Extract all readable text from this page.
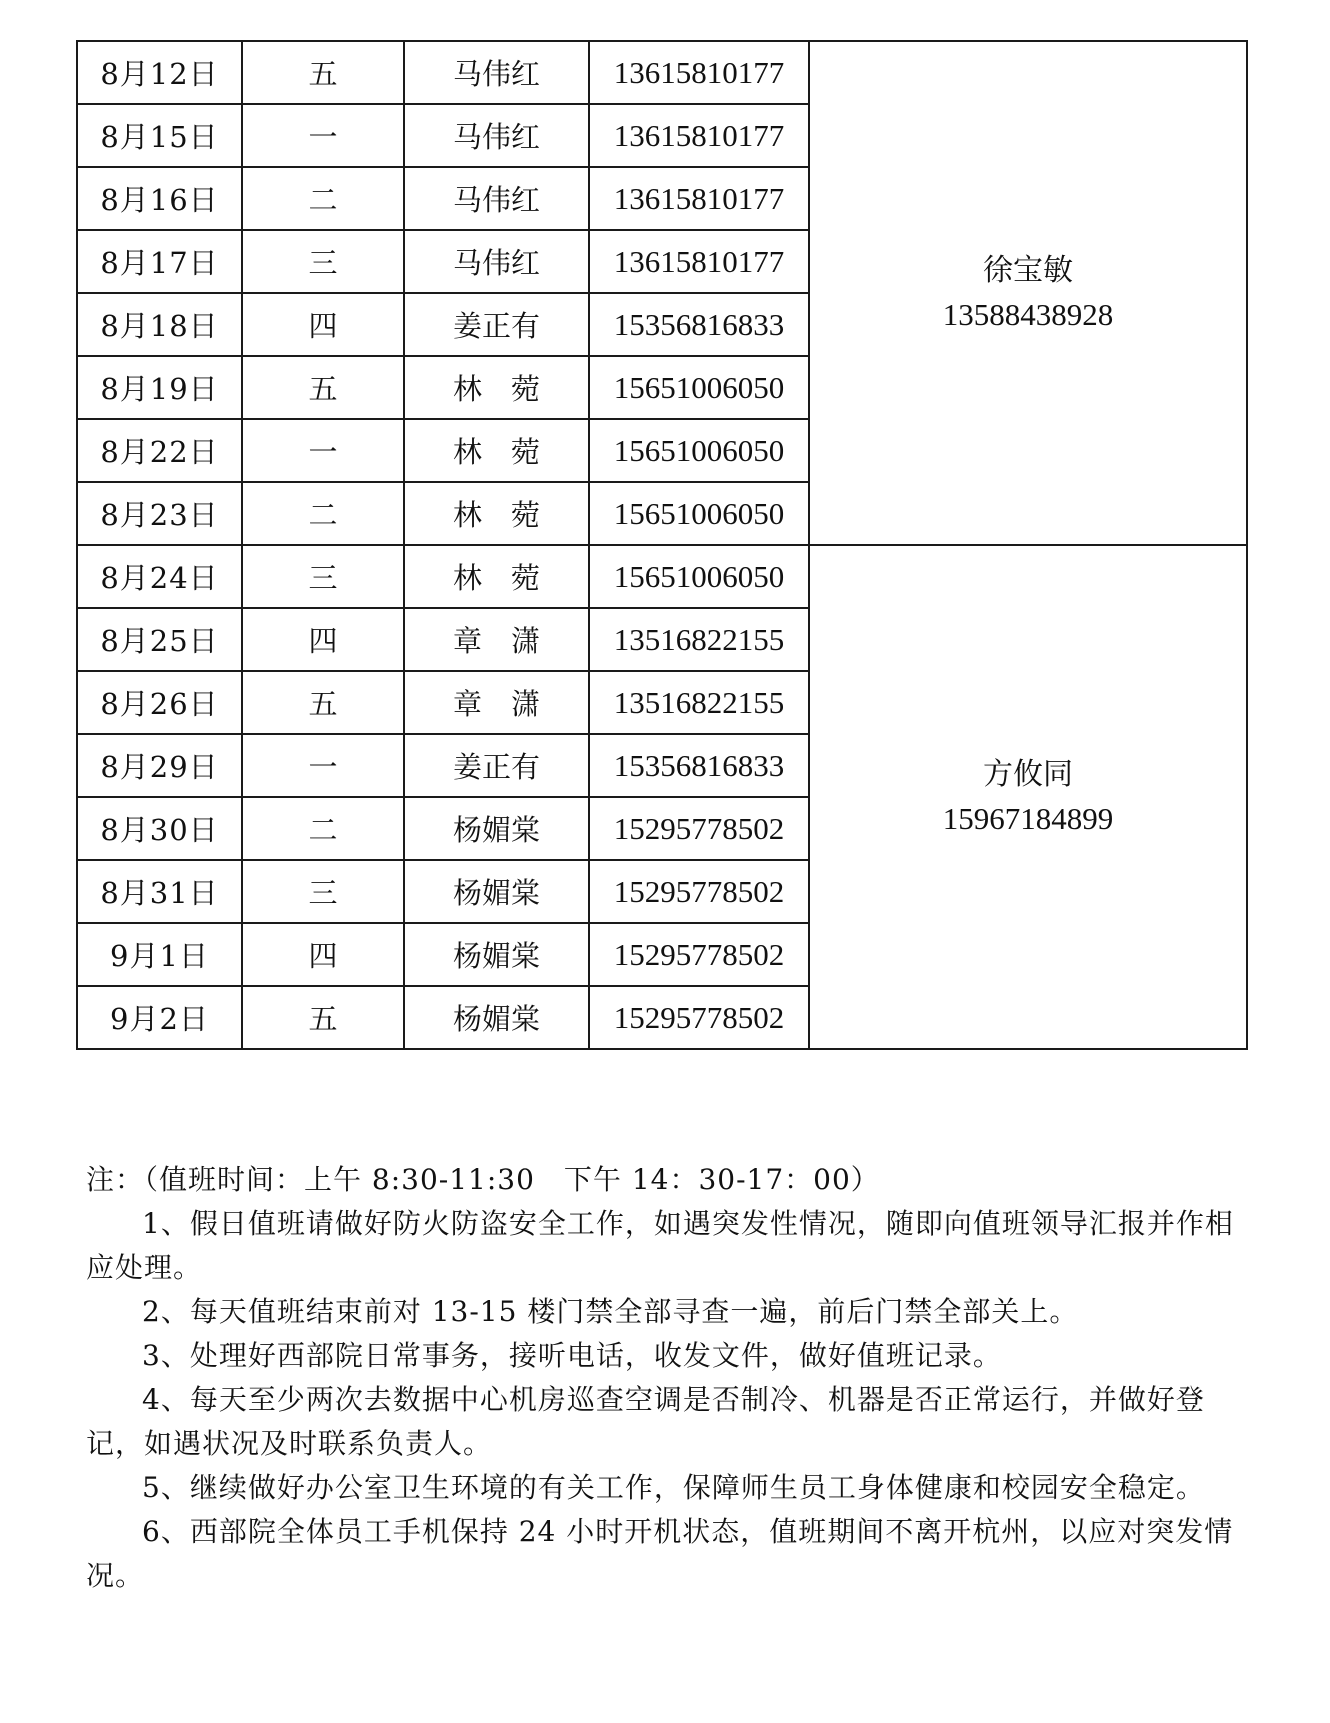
8月12日	五	马伟红	13615810177	徐宝敏
13588438928

8月15日	一	马伟红	13615810177	
8月16日	二	马伟红	13615810177	
8月17日	三	马伟红	13615810177	
8月18日	四	姜正有	15356816833	
8月19日	五	林　菀	15651006050	
8月22日	一	林　菀	15651006050	
8月23日	二	林　菀	15651006050	
8月24日	三	林　菀	15651006050	方攸同
15967184899

8月25日	四	章　潇	13516822155	
8月26日	五	章　潇	13516822155	
8月29日	一	姜正有	15356816833	
8月30日	二	杨媚棠	15295778502	
8月31日	三	杨媚棠	15295778502	
9月1日	四	杨媚棠	15295778502	
9月2日	五	杨媚棠	15295778502	

注：（值班时间：上午 8:30-11:30　下午 14：30-17：00）

1、假日值班请做好防火防盗安全工作，如遇突发性情况，随即向值班领导汇报并作相应处理。

2、每天值班结束前对 13-15 楼门禁全部寻查一遍，前后门禁全部关上。

3、处理好西部院日常事务，接听电话，收发文件，做好值班记录。

4、每天至少两次去数据中心机房巡查空调是否制冷、机器是否正常运行，并做好登记，如遇状况及时联系负责人。

5、继续做好办公室卫生环境的有关工作，保障师生员工身体健康和校园安全稳定。

6、西部院全体员工手机保持 24 小时开机状态，值班期间不离开杭州，以应对突发情况。
